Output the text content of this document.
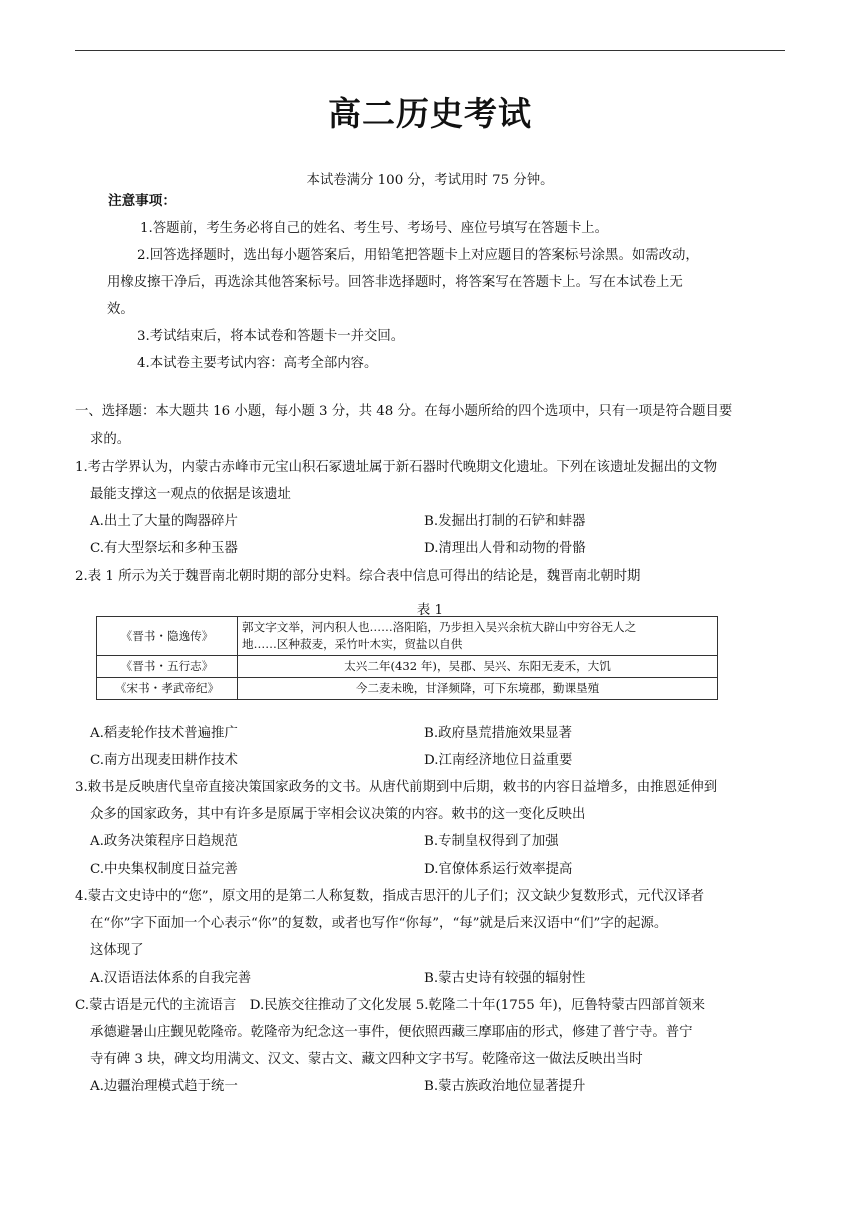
高二历史考试
本试卷满分 100 分，考试用时 75 分钟。
注意事项：
1.答题前，考生务必将自己的姓名、考生号、考场号、座位号填写在答题卡上。
2.回答选择题时，选出每小题答案后，用铅笔把答题卡上对应题目的答案标号涂黑。如需改动，
用橡皮擦干净后，再选涂其他答案标号。回答非选择题时，将答案写在答题卡上。写在本试卷上无
效。
3.考试结束后，将本试卷和答题卡一并交回。
4.本试卷主要考试内容：高考全部内容。
一、选择题：本大题共 16 小题，每小题 3 分，共 48 分。在每小题所给的四个选项中，只有一项是符合题目要
求的。
1.考古学界认为，内蒙古赤峰市元宝山积石冢遗址属于新石器时代晚期文化遗址。下列在该遗址发掘出的文物
最能支撑这一观点的依据是该遗址
A.出土了大量的陶器碎片	B.发掘出打制的石铲和蚌器
C.有大型祭坛和多种玉器	D.清理出人骨和动物的骨骼
2.表 1 所示为关于魏晋南北朝时期的部分史料。综合表中信息可得出的结论是，魏晋南北朝时期
表 1
《晋书・隐逸传》	郭文字文举，河内积人也……洛阳陷，乃步担入吴兴余杭大辟山中穷谷无人之
地……区种菽麦，采竹叶木实，贸盐以自供

《晋书・五行志》	太兴二年(432 年)，吴郡、吴兴、东阳无麦禾，大饥
《宋书・孝武帝纪》	今二麦未晚，甘泽频降，可下东境郡，勤课垦殖
A.稻麦轮作技术普遍推广	B.政府垦荒措施效果显著
C.南方出现麦田耕作技术	D.江南经济地位日益重要
3.敕书是反映唐代皇帝直接决策国家政务的文书。从唐代前期到中后期，敕书的内容日益增多，由推恩延伸到
众多的国家政务，其中有许多是原属于宰相会议决策的内容。敕书的这一变化反映出
A.政务决策程序日趋规范	B.专制皇权得到了加强
C.中央集权制度日益完善	D.官僚体系运行效率提高
4.蒙古文史诗中的“您”，原文用的是第二人称复数，指成吉思汗的儿子们；汉文缺少复数形式，元代汉译者
在“你”字下面加一个心表示“你”的复数，或者也写作“你每”，“每”就是后来汉语中“们”字的起源。
这体现了
A.汉语语法体系的自我完善	B.蒙古史诗有较强的辐射性
C.蒙古语是元代的主流语言　D.民族交往推动了文化发展 5.乾隆二十年(1755 年)，厄鲁特蒙古四部首领来
承德避暑山庄觐见乾隆帝。乾隆帝为纪念这一事件，便依照西藏三摩耶庙的形式，修建了普宁寺。普宁
寺有碑 3 块，碑文均用满文、汉文、蒙古文、藏文四种文字书写。乾隆帝这一做法反映出当时
A.边疆治理模式趋于统一	B.蒙古族政治地位显著提升
